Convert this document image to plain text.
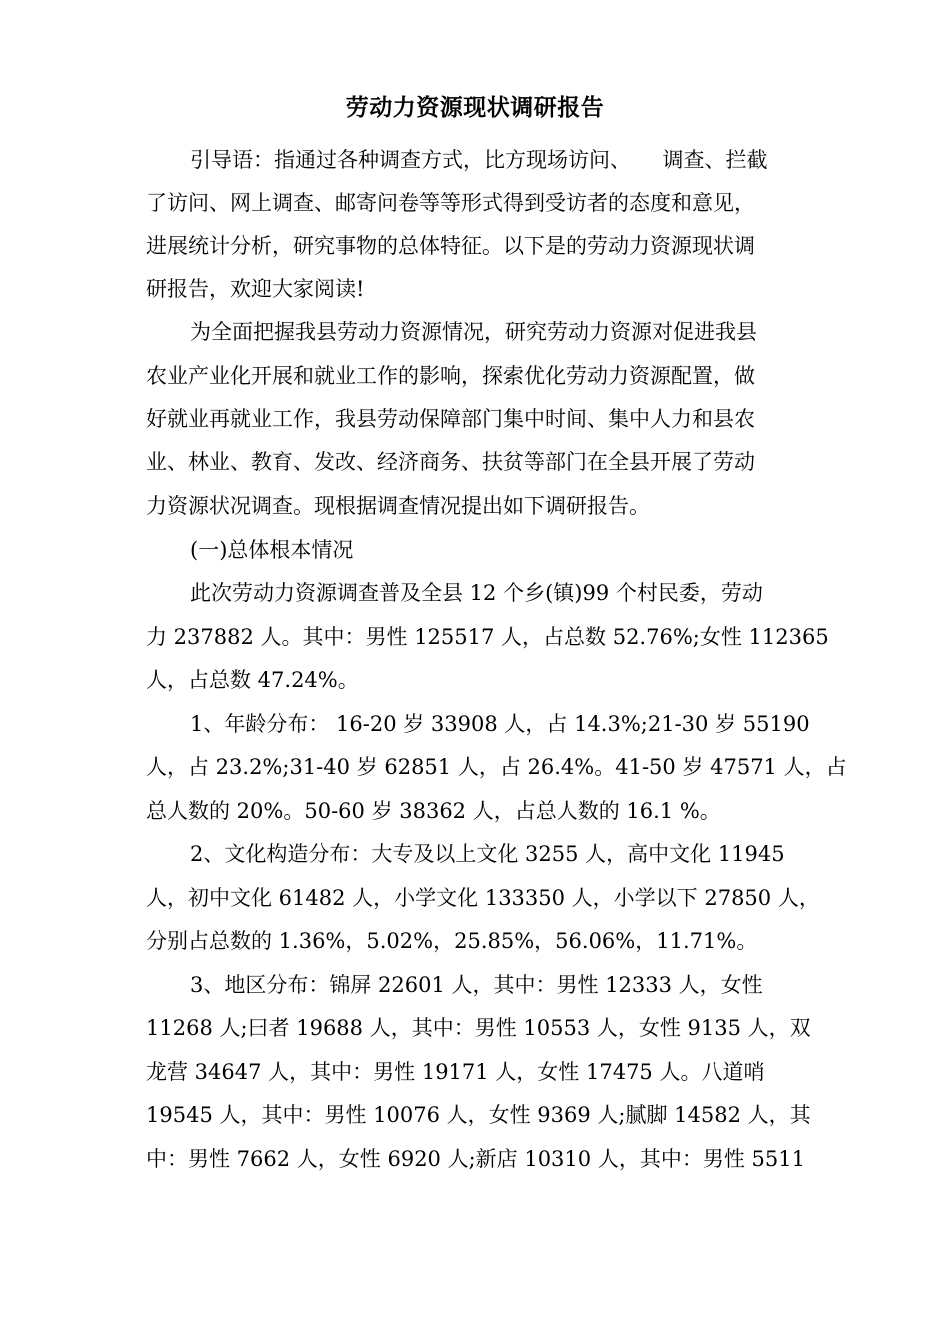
劳动力资源现状调研报告
引导语：指通过各种调查方式，比方现场访问、　　调查、拦截
了访问、网上调查、邮寄问卷等等形式得到受访者的态度和意见，
进展统计分析，研究事物的总体特征。以下是的劳动力资源现状调
研报告，欢迎大家阅读!
为全面把握我县劳动力资源情况，研究劳动力资源对促进我县
农业产业化开展和就业工作的影响，探索优化劳动力资源配置，做
好就业再就业工作，我县劳动保障部门集中时间、集中人力和县农
业、林业、教育、发改、经济商务、扶贫等部门在全县开展了劳动
力资源状况调查。现根据调查情况提出如下调研报告。
(一)总体根本情况
此次劳动力资源调查普及全县 12 个乡(镇)99 个村民委，劳动
力 237882 人。其中：男性 125517 人，占总数 52.76%;女性 112365
人，占总数 47.24%。
1、年龄分布： 16-20 岁 33908 人，占 14.3%;21-30 岁 55190
人，占 23.2%;31-40 岁 62851 人，占 26.4%。41-50 岁 47571 人，占
总人数的 20%。50-60 岁 38362 人，占总人数的 16.1 %。
2、文化构造分布：大专及以上文化 3255 人，高中文化 11945
人，初中文化 61482 人，小学文化 133350 人，小学以下 27850 人，
分别占总数的 1.36%，5.02%，25.85%，56.06%，11.71%。
3、地区分布：锦屏 22601 人，其中：男性 12333 人，女性
11268 人;曰者 19688 人，其中：男性 10553 人，女性 9135 人，双
龙营 34647 人，其中：男性 19171 人，女性 17475 人。八道哨
19545 人，其中：男性 10076 人，女性 9369 人;腻脚 14582 人，其
中：男性 7662 人，女性 6920 人;新店 10310 人，其中：男性 5511
